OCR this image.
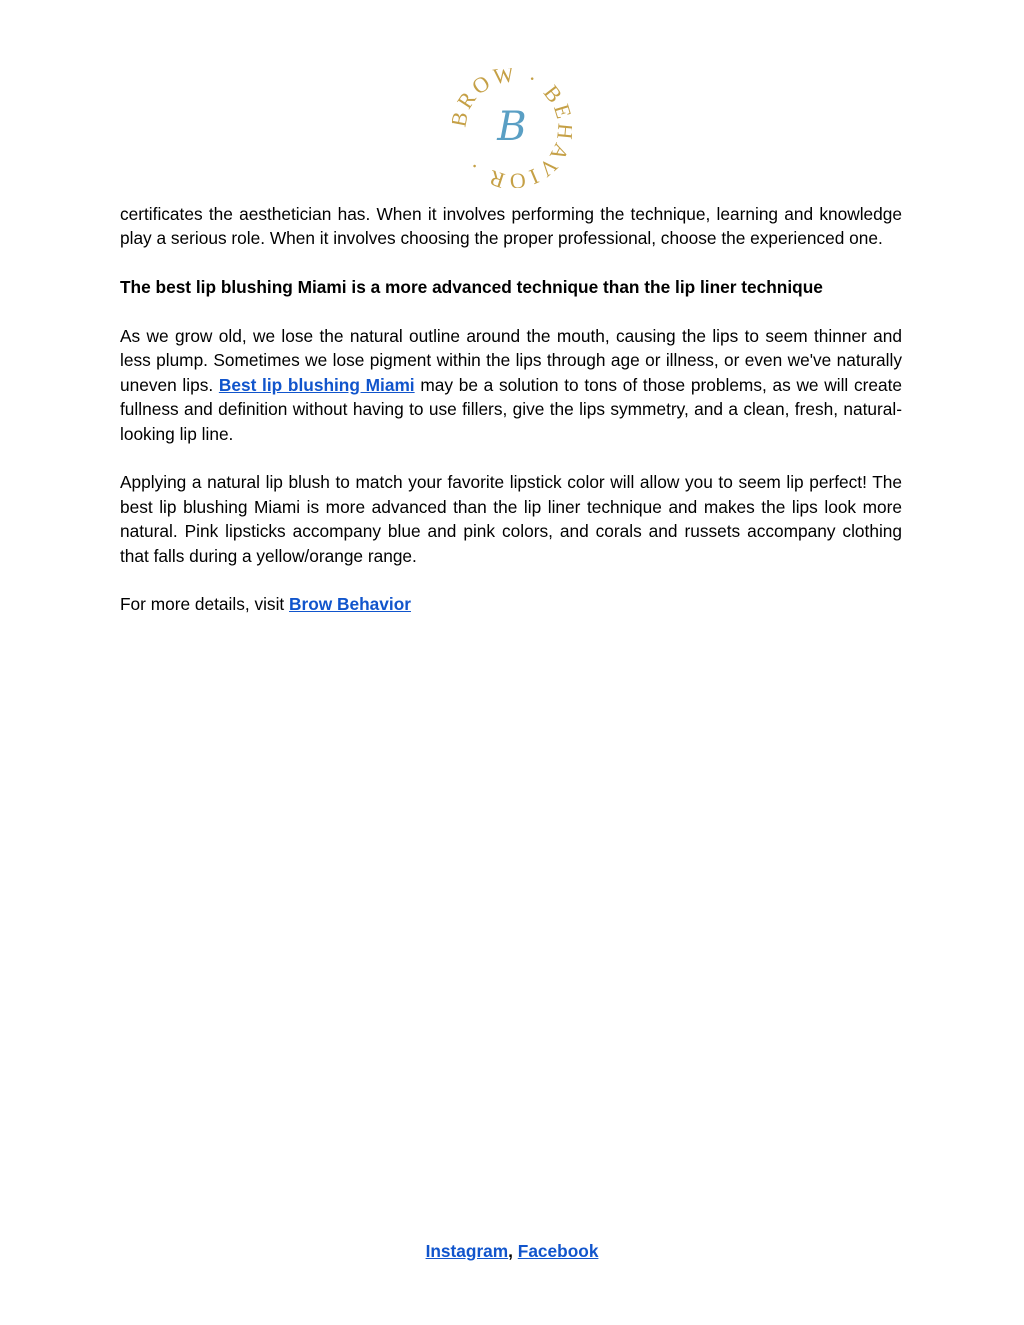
ROW · B AVIOR ·
B

certificates the aesthetician has. When it involves performing the technique, learning and knowledge play a serious role. When it involves choosing the proper professional, choose the experienced one.

The best lip blushing Miami is a more advanced technique than the lip liner technique

As we grow old, we lose the natural outline around the mouth, causing the lips to seem thinner and less plump. Sometimes we lose pigment within the lips through age or illness, or even we've naturally uneven lips. Best lip blushing Miami may be a solution to tons of those problems, as we will create fullness and definition without having to use fillers, give the lips symmetry, and a clean, fresh, natural-looking lip line.

Applying a natural lip blush to match your favorite lipstick color will allow you to seem lip perfect! The best lip blushing Miami is more advanced than the lip liner technique and makes the lips look more natural. Pink lipsticks accompany blue and pink colors, and corals and russets accompany clothing that falls during a yellow/orange range.

For more details, visit Brow Behavior

Instagram, Facebook
